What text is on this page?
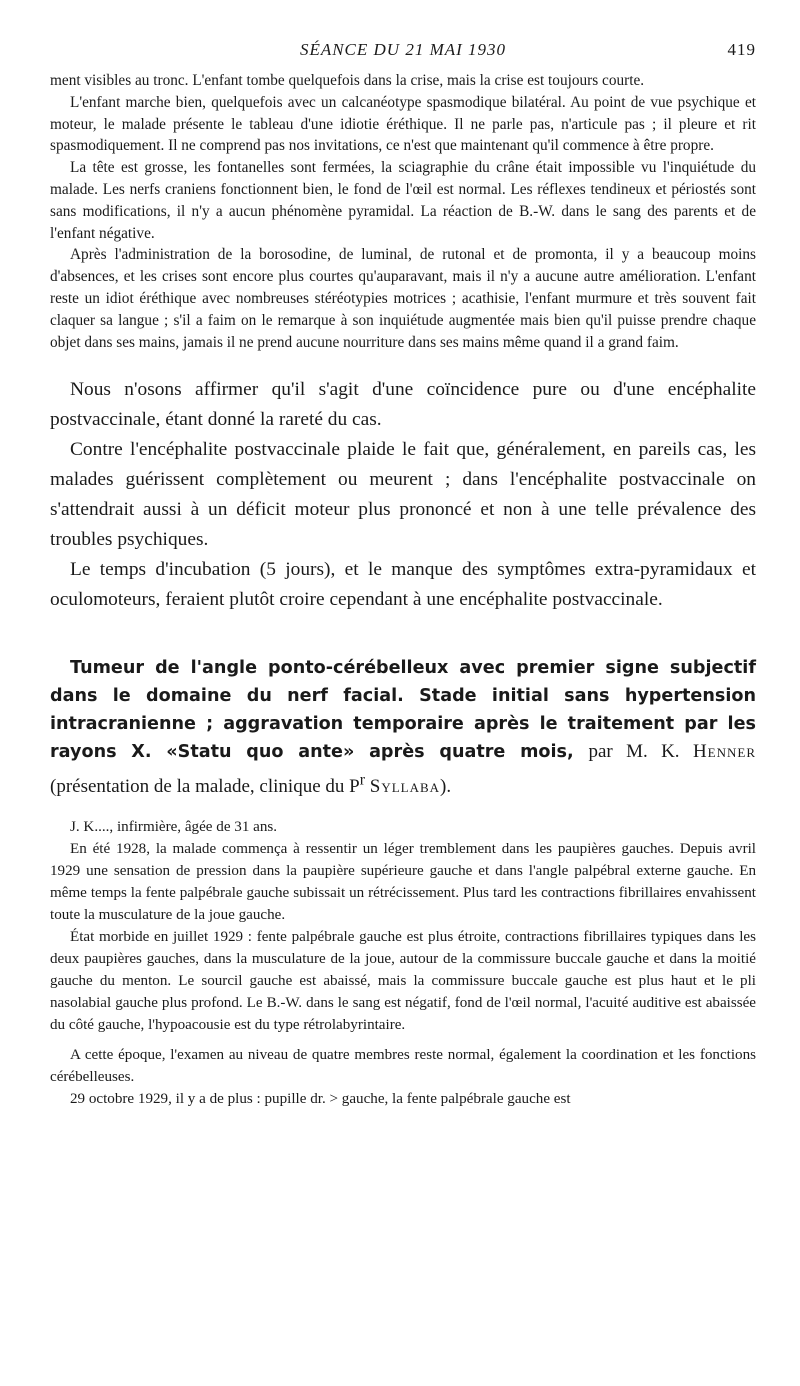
SÉANCE DU 21 MAI 1930	419

ment visibles au tronc. L'enfant tombe quelquefois dans la crise, mais la crise est toujours courte.

L'enfant marche bien, quelquefois avec un calcanéotype spasmodique bilatéral. Au point de vue psychique et moteur, le malade présente le tableau d'une idiotie éréthique. Il ne parle pas, n'articule pas ; il pleure et rit spasmodiquement. Il ne comprend pas nos invitations, ce n'est que maintenant qu'il commence à être propre.

La tête est grosse, les fontanelles sont fermées, la sciagraphie du crâne était impossible vu l'inquiétude du malade. Les nerfs craniens fonctionnent bien, le fond de l'œil est normal. Les réflexes tendineux et périostés sont sans modifications, il n'y a aucun phénomène pyramidal. La réaction de B.-W. dans le sang des parents et de l'enfant négative.

Après l'administration de la borosodine, de luminal, de rutonal et de promonta, il y a beaucoup moins d'absences, et les crises sont encore plus courtes qu'auparavant, mais il n'y a aucune autre amélioration. L'enfant reste un idiot éréthique avec nombreuses stéréotypies motrices ; acathisie, l'enfant murmure et très souvent fait claquer sa langue ; s'il a faim on le remarque à son inquiétude augmentée mais bien qu'il puisse prendre chaque objet dans ses mains, jamais il ne prend aucune nourriture dans ses mains même quand il a grand faim.

Nous n'osons affirmer qu'il s'agit d'une coïncidence pure ou d'une encéphalite postvaccinale, étant donné la rareté du cas.

Contre l'encéphalite postvaccinale plaide le fait que, généralement, en pareils cas, les malades guérissent complètement ou meurent ; dans l'encéphalite postvaccinale on s'attendrait aussi à un déficit moteur plus prononcé et non à une telle prévalence des troubles psychiques.

Le temps d'incubation (5 jours), et le manque des symptômes extra-pyramidaux et oculomoteurs, feraient plutôt croire cependant à une encéphalite postvaccinale.

Tumeur de l'angle ponto-cérébelleux avec premier signe subjectif dans le domaine du nerf facial. Stade initial sans hypertension intracranienne ; aggravation temporaire après le traitement par les rayons X. «Statu quo ante» après quatre mois, par M. K. Henner (présentation de la malade, clinique du $P^r$ Syllaba).

J. K...., infirmière, âgée de 31 ans.

En été 1928, la malade commença à ressentir un léger tremblement dans les paupières gauches. Depuis avril 1929 une sensation de pression dans la paupière supérieure gauche et dans l'angle palpébral externe gauche. En même temps la fente palpébrale gauche subissait un rétrécissement. Plus tard les contractions fibrillaires envahissent toute la musculature de la joue gauche.

État morbide en juillet 1929 : fente palpébrale gauche est plus étroite, contractions fibrillaires typiques dans les deux paupières gauches, dans la musculature de la joue, autour de la commissure buccale gauche et dans la moitié gauche du menton. Le sourcil gauche est abaissé, mais la commissure buccale gauche est plus haut et le pli nasolabial gauche plus profond. Le B.-W. dans le sang est négatif, fond de l'œil normal, l'acuité auditive est abaissée du côté gauche, l'hypoacousie est du type rétrolabyrintaire.

A cette époque, l'examen au niveau de quatre membres reste normal, également la coordination et les fonctions cérébelleuses.

29 octobre 1929, il y a de plus : pupille dr. > gauche, la fente palpébrale gauche est
